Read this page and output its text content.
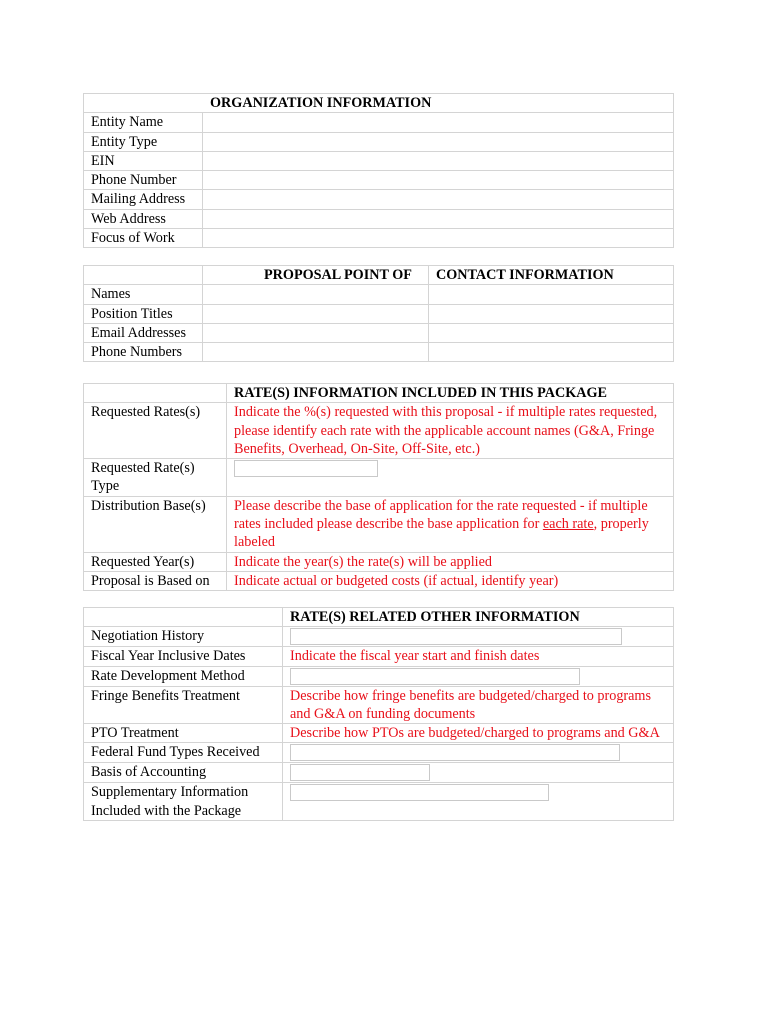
ORGANIZATION INFORMATION	
Entity Name	
Entity Type	
EIN	
Phone Number	
Mailing Address	
Web Address	
Focus of Work	
	PROPOSAL POINT OF	CONTACT INFORMATION
Names		
Position Titles		
Email Addresses		
Phone Numbers		
	RATE(S) INFORMATION INCLUDED IN THIS PACKAGE
Requested Rates(s)	Indicate the %(s) requested with this proposal - if multiple rates requested, please identify each rate with the applicable account names (G&A, Fringe Benefits, Overhead, On-Site, Off-Site, etc.)
Requested Rate(s) Type	

Distribution Base(s)	Please describe the base of application for the rate requested - if multiple rates included please describe the base application for each rate, properly labeled
Requested Year(s)	Indicate the year(s) the rate(s) will be applied
Proposal is Based on	Indicate actual or budgeted costs (if actual, identify year)
	RATE(S) RELATED OTHER INFORMATION
Negotiation History	

Fiscal Year Inclusive Dates	Indicate the fiscal year start and finish dates
Rate Development Method	

Fringe Benefits Treatment	Describe how fringe benefits are budgeted/charged to programs and G&A on funding documents
PTO Treatment	Describe how PTOs are budgeted/charged to programs and G&A
Federal Fund Types Received	

Basis of Accounting	

Supplementary Information Included with the Package	
